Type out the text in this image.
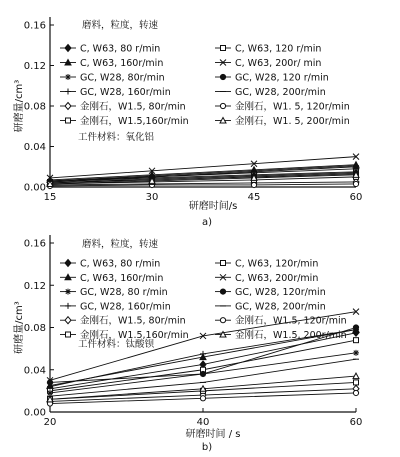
0.00
0.04
0.08
0.12
0.16
15	30	45	60
研磨量/cm³
研磨时间/s
a)
磨料，粒度，转速
C, W63, 80 r/min	C, W63, 120 r/min
C, W63, 160r/min	C, W63, 200r/ min
GC, W28, 80r/min	GC, W28, 120 r/min
GC, W28, 160r/min	GC, W28, 200r/min
金刚石，W1.5, 80r/min	金刚石，W1. 5, 120r/min
金刚石，W1.5,160r/min	金刚石，W1. 5, 200r/min
工件材料：氧化铝
0.00
0.04
0.08
0.12
0.16
20	40	60
研磨量/cm³
研磨时间 / s
b)
磨料，粒度，转速
C, W63, 80 r/min	C, W63, 120r/min
C, W63, 160r/min	C, W63, 200r/min
GC, W28, 80 r/min	GC, W28, 120r/min
GC, W28, 160r/min	GC, W28, 200r/min
金刚石，W1.5, 80r/min	金刚石，W1.5, 120r/min
金刚石，W1.5,160r/min	金刚石，W1.5, 200r/min
工件材料：钛酸钡
